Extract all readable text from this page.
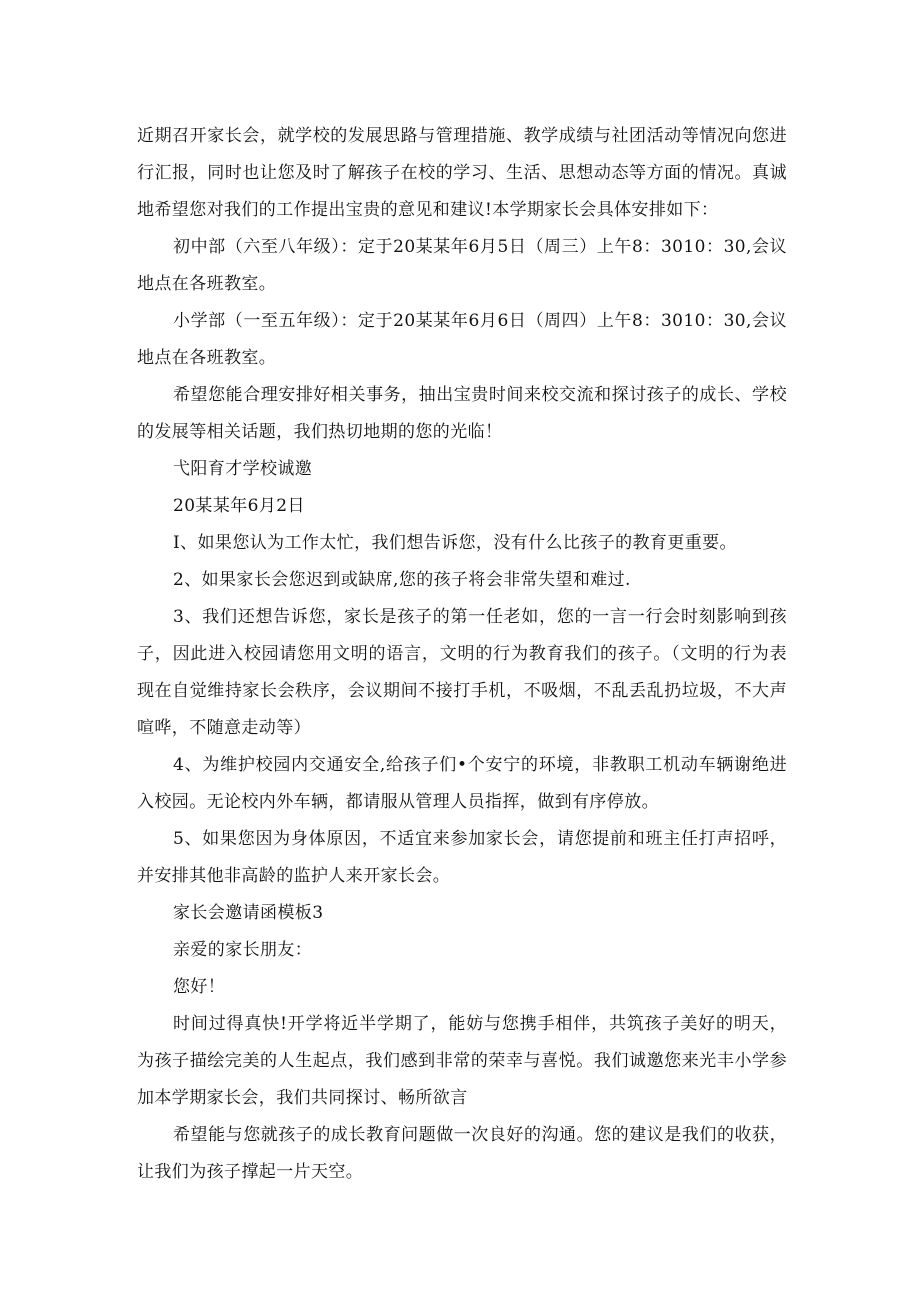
近期召开家长会，就学校的发展思路与管理措施、教学成绩与社团活动等情况向您进行汇报，同时也让您及时了解孩子在校的学习、生活、思想动态等方面的情况。真诚地希望您对我们的工作提出宝贵的意见和建议!本学期家长会具体安排如下：

初中部（六至八年级）：定于20某某年6月5日（周三）上午8：3010：30,会议地点在各班教室。

小学部（一至五年级）：定于20某某年6月6日（周四）上午8：3010：30,会议地点在各班教室。

希望您能合理安排好相关事务，抽出宝贵时间来校交流和探讨孩子的成长、学校的发展等相关话题，我们热切地期的您的光临！

弋阳育才学校诚邀

20某某年6月2日

I、如果您认为工作太忙，我们想告诉您，没有什么比孩子的教育更重要。

2、如果家长会您迟到或缺席,您的孩子将会非常失望和难过.

3、我们还想告诉您，家长是孩子的第一任老如，您的一言一行会时刻影响到孩子，因此进入校园请您用文明的语言，文明的行为教育我们的孩子。（文明的行为表现在自觉维持家长会秩序，会议期间不接打手机，不吸烟，不乱丢乱扔垃圾，不大声喧哗，不随意走动等）

4、为维护校园内交通安全,给孩子们•个安宁的环境，非教职工机动车辆谢绝进入校园。无论校内外车辆，都请服从管理人员指挥，做到有序停放。

5、如果您因为身体原因，不适宜来参加家长会，请您提前和班主任打声招呼，并安排其他非高龄的监护人来开家长会。

家长会邀请函模板3

亲爱的家长朋友：

您好！

时间过得真快!开学将近半学期了，能妨与您携手相伴，共筑孩子美好的明天，为孩子描绘完美的人生起点，我们感到非常的荣幸与喜悦。我们诚邀您来光丰小学参加本学期家长会，我们共同探讨、畅所欲言

希望能与您就孩子的成长教育问题做一次良好的沟通。您的建议是我们的收获，让我们为孩子撑起一片天空。
